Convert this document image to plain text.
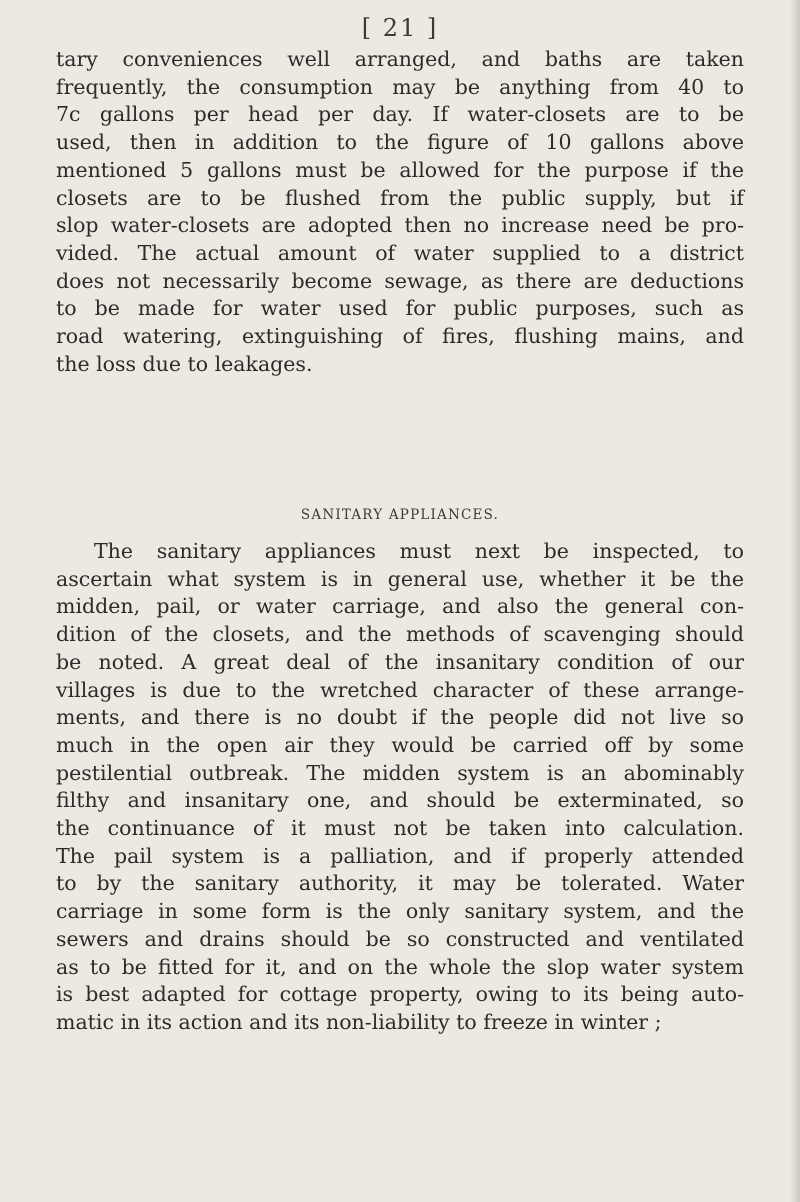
[ 21 ]
tary conveniences well arranged, and baths are taken
frequently, the consumption may be anything from 40 to
7c gallons per head per day. If water-closets are to be
used, then in addition to the figure of 10 gallons above
mentioned 5 gallons must be allowed for the purpose if the
closets are to be flushed from the public supply, but if
slop water-closets are adopted then no increase need be pro-
vided. The actual amount of water supplied to a district
does not necessarily become sewage, as there are deductions
to be made for water used for public purposes, such as
road watering, extinguishing of fires, flushing mains, and
the loss due to leakages.
SANITARY APPLIANCES.
The sanitary appliances must next be inspected, to
ascertain what system is in general use, whether it be the
midden, pail, or water carriage, and also the general con-
dition of the closets, and the methods of scavenging should
be noted. A great deal of the insanitary condition of our
villages is due to the wretched character of these arrange-
ments, and there is no doubt if the people did not live so
much in the open air they would be carried off by some
pestilential outbreak. The midden system is an abominably
filthy and insanitary one, and should be exterminated, so
the continuance of it must not be taken into calculation.
The pail system is a palliation, and if properly attended
to by the sanitary authority, it may be tolerated. Water
carriage in some form is the only sanitary system, and the
sewers and drains should be so constructed and ventilated
as to be fitted for it, and on the whole the slop water system
is best adapted for cottage property, owing to its being auto-
matic in its action and its non-liability to freeze in winter ;
